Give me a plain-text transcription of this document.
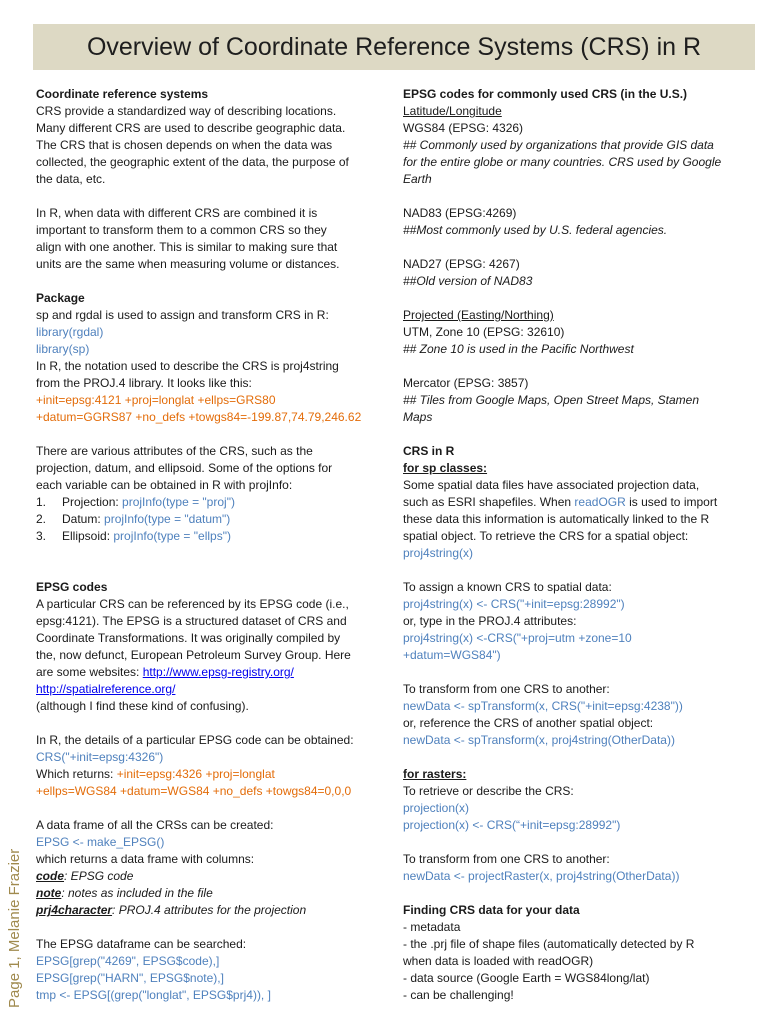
Overview of Coordinate Reference Systems (CRS) in R
Page 1, Melanie Frazier
Coordinate reference systems
CRS provide a standardized way of describing locations.
Many different CRS are used to describe geographic data.
The CRS that is chosen depends on when the data was
collected, the geographic extent of the data, the purpose of
the data, etc.
In R, when data with different CRS are combined it is
important to transform them to a common CRS so they
align with one another. This is similar to making sure that
units are the same when measuring volume or distances.
Package
sp and rgdal is used to assign and transform CRS in R:
library(rgdal)
library(sp)
In R, the notation used to describe the CRS is proj4string
from the PROJ.4 library. It looks like this:
+init=epsg:4121 +proj=longlat +ellps=GRS80
+datum=GGRS87 +no_defs +towgs84=-199.87,74.79,246.62
There are various attributes of the CRS, such as the
projection, datum, and ellipsoid. Some of the options for
each variable can be obtained in R with projInfo:
1.	Projection:
projInfo(type = "proj")
2.	Datum:
projInfo(type = "datum")
3.	Ellipsoid:
projInfo(type = "ellps")
EPSG codes
A particular CRS can be referenced by its EPSG code (i.e.,
epsg:4121). The EPSG is a structured dataset of CRS and
Coordinate Transformations. It was originally compiled by
the, now defunct, European Petroleum Survey Group. Here
are some websites: http://www.epsg-registry.org/
http://spatialreference.org/
(although I find these kind of confusing).
In R, the details of a particular EPSG code can be obtained:
CRS("+init=epsg:4326")
Which returns: +init=epsg:4326 +proj=longlat
+ellps=WGS84 +datum=WGS84 +no_defs +towgs84=0,0,0
A data frame of all the CRSs can be created:
EPSG <- make_EPSG()
which returns a data frame with columns:
code: EPSG code
note: notes as included in the file
prj4character: PROJ.4 attributes for the projection
The EPSG dataframe can be searched:
EPSG[grep("4269", EPSG$code),]
EPSG[grep("HARN", EPSG$note),]
tmp <- EPSG[(grep("longlat", EPSG$prj4)), ]
EPSG codes for commonly used CRS (in the U.S.)
Latitude/Longitude
WGS84 (EPSG: 4326)
## Commonly used by organizations that provide GIS data
for the entire globe or many countries. CRS used by Google
Earth
NAD83 (EPSG:4269)
##Most commonly used by U.S. federal agencies.
NAD27 (EPSG: 4267)
##Old version of NAD83
Projected (Easting/Northing)
UTM, Zone 10 (EPSG: 32610)
## Zone 10 is used in the Pacific Northwest
Mercator (EPSG: 3857)
## Tiles from Google Maps, Open Street Maps, Stamen
Maps
CRS in R
for sp classes:
Some spatial data files have associated projection data,
such as ESRI shapefiles. When readOGR is used to import
these data this information is automatically linked to the R
spatial object. To retrieve the CRS for a spatial object:
proj4string(x)
To assign a known CRS to spatial data:
proj4string(x) <- CRS("+init=epsg:28992")
or, type in the PROJ.4 attributes:
proj4string(x) <-CRS("+proj=utm +zone=10
+datum=WGS84")
To transform from one CRS to another:
newData <- spTransform(x, CRS("+init=epsg:4238"))
or, reference the CRS of another spatial object:
newData <- spTransform(x, proj4string(OtherData))
for rasters:
To retrieve or describe the CRS:
projection(x)
projection(x) <- CRS(“+init=epsg:28992")
To transform from one CRS to another:
newData <- projectRaster(x, proj4string(OtherData))
Finding CRS data for your data
- metadata
- the .prj file of shape files (automatically detected by R
when data is loaded with readOGR)
- data source (Google Earth = WGS84long/lat)
- can be challenging!
